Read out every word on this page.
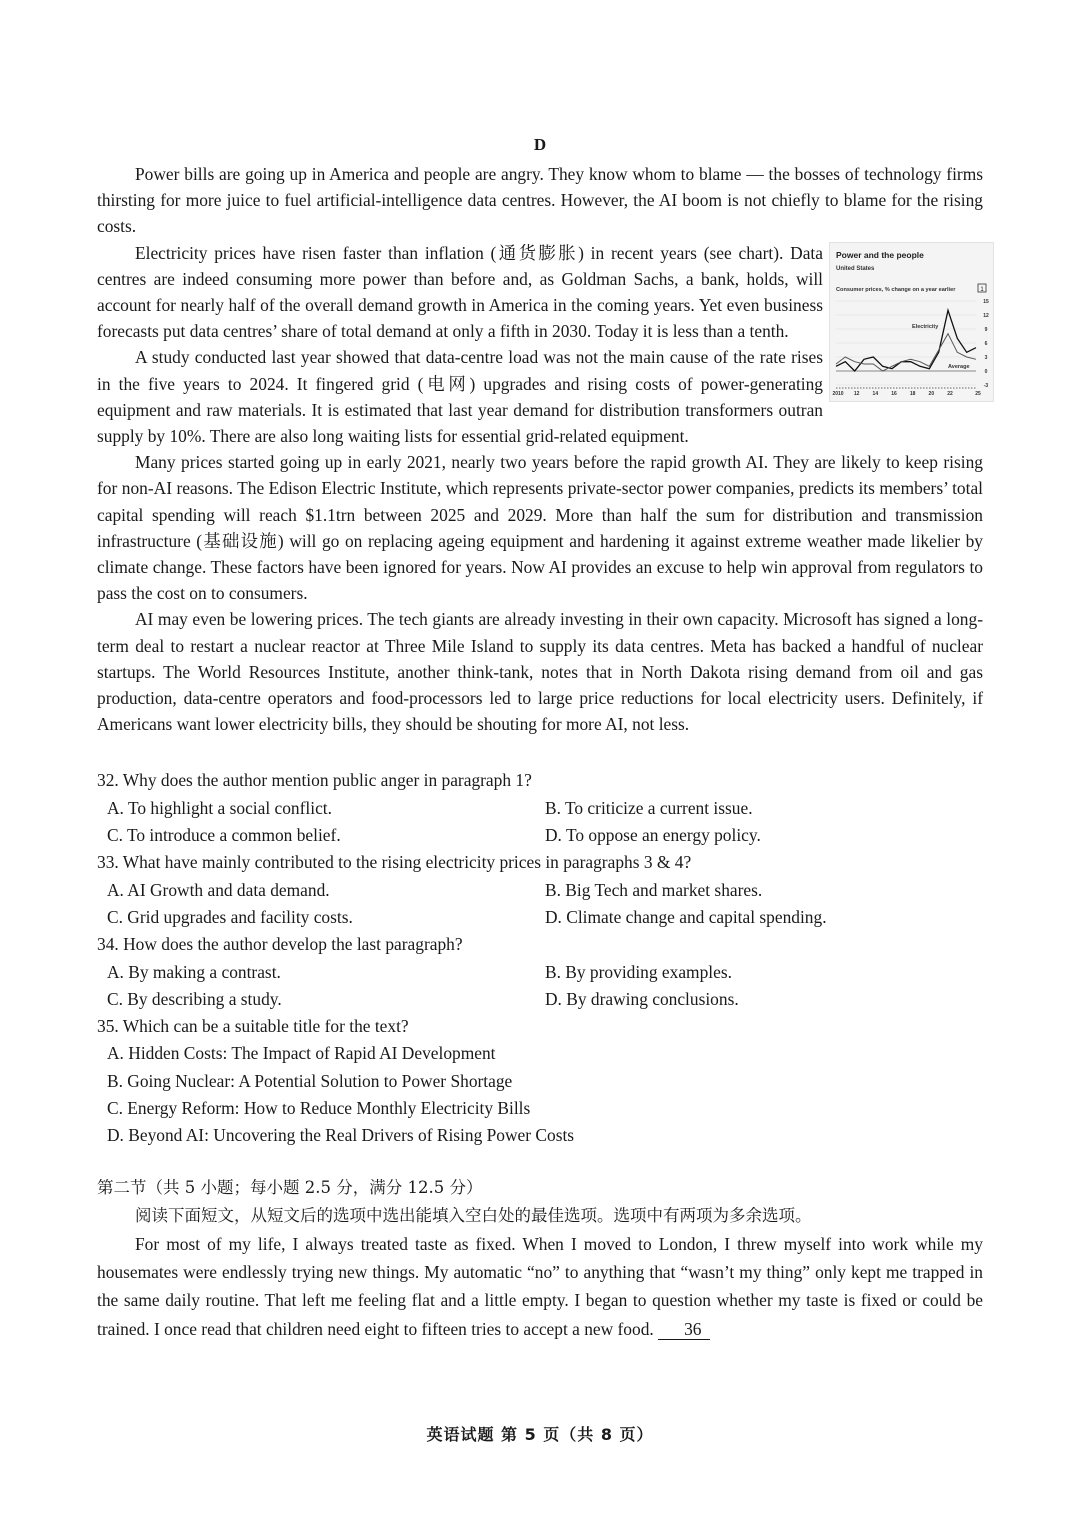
D

Power bills are going up in America and people are angry. They know whom to blame — the bosses of technology firms thirsting for more juice to fuel artificial-intelligence data centres. However, the AI boom is not chiefly to blame for the rising costs.

Power and the people
United States
Consumer prices, % change on a year earlier	1
15
12
9
6
3
0
-3
2010 12	14	16	18	20	22	25
Electricity
Average

Electricity prices have risen faster than inflation (通货膨胀) in recent years (see chart). Data centres are indeed consuming more power than before and, as Goldman Sachs, a bank, holds, will account for nearly half of the overall demand growth in America in the coming years. Yet even business forecasts put data centres’ share of total demand at only a fifth in 2030. Today it is less than a tenth.

A study conducted last year showed that data-centre load was not the main cause of the rate rises in the five years to 2024. It fingered grid (电网) upgrades and rising costs of power-generating equipment and raw materials. It is estimated that last year demand for distribution transformers outran supply by 10%. There are also long waiting lists for essential grid-related equipment.

Many prices started going up in early 2021, nearly two years before the rapid growth AI. They are likely to keep rising for non-AI reasons. The Edison Electric Institute, which represents private-sector power companies, predicts its members’ total capital spending will reach $1.1trn between 2025 and 2029. More than half the sum for distribution and transmission infrastructure (基础设施) will go on replacing ageing equipment and hardening it against extreme weather made likelier by climate change. These factors have been ignored for years. Now AI provides an excuse to help win approval from regulators to pass the cost on to consumers.

AI may even be lowering prices. The tech giants are already investing in their own capacity. Microsoft has signed a long-term deal to restart a nuclear reactor at Three Mile Island to supply its data centres. Meta has backed a handful of nuclear startups. The World Resources Institute, another think-tank, notes that in North Dakota rising demand from oil and gas production, data-centre operators and food-processors led to large price reductions for local electricity users. Definitely, if Americans want lower electricity bills, they should be shouting for more AI, not less.

32. Why does the author mention public anger in paragraph 1?
A. To highlight a social conflict.	B. To criticize a current issue.
C. To introduce a common belief.	D. To oppose an energy policy.
33. What have mainly contributed to the rising electricity prices in paragraphs 3 & 4?
A. AI Growth and data demand.	B. Big Tech and market shares.
C. Grid upgrades and facility costs.	D. Climate change and capital spending.
34. How does the author develop the last paragraph?
A. By making a contrast.	B. By providing examples.
C. By describing a study.	D. By drawing conclusions.
35. Which can be a suitable title for the text?
A. Hidden Costs: The Impact of Rapid AI Development
B. Going Nuclear: A Potential Solution to Power Shortage
C. Energy Reform: How to Reduce Monthly Electricity Bills
D. Beyond AI: Uncovering the Real Drivers of Rising Power Costs
第二节（共 5 小题；每小题 2.5 分，满分 12.5 分）
阅读下面短文，从短文后的选项中选出能填入空白处的最佳选项。选项中有两项为多余选项。

For most of my life, I always treated taste as fixed. When I moved to London, I threw myself into work while my housemates were endlessly trying new things. My automatic “no” to anything that “wasn’t my thing” only kept me trapped in the same daily routine. That left me feeling flat and a little empty. I began to question whether my taste is fixed or could be trained. I once read that children need eight to fifteen tries to accept a new food. 36

英语试题 第 5 页（共 8 页）
